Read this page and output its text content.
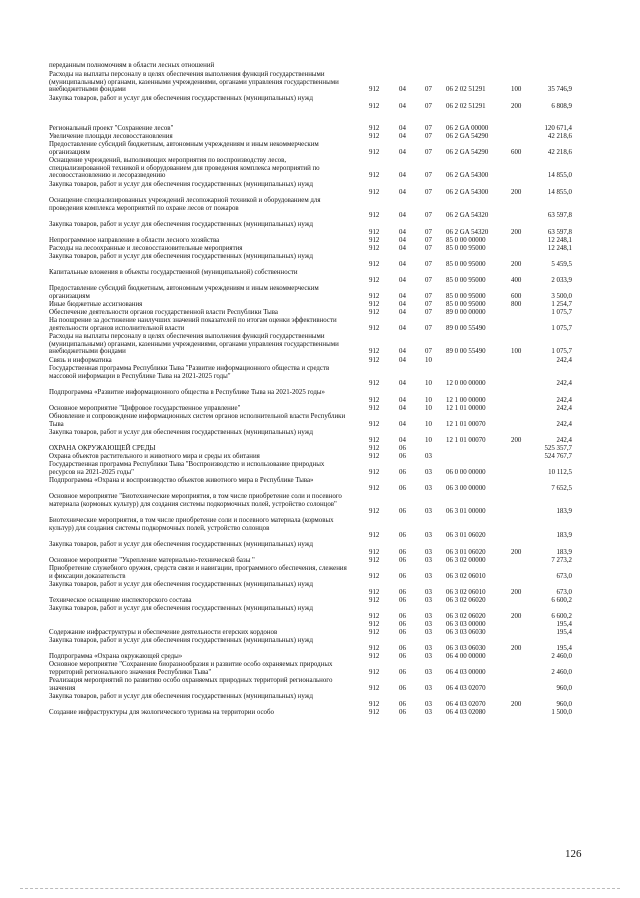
переданным полномочиям в области лесных отношений
Расходы на выплаты персоналу в целях обеспечения выполнения функций государственными (муниципальными) органами, казенными учреждениями, органами управления государственными внебюджетными фондами	912	04	07 06 2 02 51291	100	35 746,9
Закупка товаров, работ и услуг для обеспечения государственных (муниципальных) нужд
912	04	07 06 2 02 51291	200	6 808,9
Региональный проект "Сохранение лесов"	912	04	07 06 2 GA 00000	120 671,4
Увеличение площади лесовосстановления	912	04	07 06 2 GA 54290	42 218,6
Предоставление субсидий бюджетным, автономным учреждениям и иным некоммерческим организациям	912	04	07 06 2 GA 54290	600	42 218,6
Оснащение учреждений, выполняющих мероприятия по воспроизводству лесов, специализированной техникой и оборудованием для проведения комплекса мероприятий по лесовосстановлению и лесоразведению	912	04	07 06 2 GA 54300	14 855,0
Закупка товаров, работ и услуг для обеспечения государственных (муниципальных) нужд
912	04	07 06 2 GA 54300	200	14 855,0
Оснащение специализированных учреждений лесопожарной техникой и оборудованием для проведения комплекса мероприятий по охране лесов от пожаров
912	04	07 06 2 GA 54320	63 597,8
Закупка товаров, работ и услуг для обеспечения государственных (муниципальных) нужд
912	04	07 06 2 GA 54320	200	63 597,8
Непрограммное направление в области лесного хозяйства	912	04	07 85 0 00 00000	12 248,1
Расходы на лесоохранные и лесовосстановительные мероприятия	912	04	07 85 0 00 95000	12 248,1
Закупка товаров, работ и услуг для обеспечения государственных (муниципальных) нужд
912	04	07 85 0 00 95000	200	5 459,5
Капитальные вложения в объекты государственной (муниципальной) собственности
912	04	07 85 0 00 95000	400	2 033,9
Предоставление субсидий бюджетным, автономным учреждениям и иным некоммерческим организациям	912	04	07 85 0 00 95000	600	3 500,0
Иные бюджетные ассигнования	912	04	07 85 0 00 95000	800	1 254,7
Обеспечение деятельности органов государственной власти Республики Тыва	912	04	07 89 0 00 00000	1 075,7
На поощрение за достижение наилучших значений показателей по итогам оценки эффективности деятельности органов исполнительной власти	912	04	07 89 0 00 55490	1 075,7
Расходы на выплаты персоналу в целях обеспечения выполнения функций государственными (муниципальными) органами, казенными учреждениями, органами управления государственными внебюджетными фондами	912	04	07 89 0 00 55490	100	1 075,7
Связь и информатика	912	04	10	242,4
Государственная программа Республики Тыва "Развитие информационного общества и средств массовой информации в Республике Тыва на 2021-2025 годы"
912	04	10 12 0 00 00000	242,4
Подпрограмма «Развитие информационного общества в Республике Тыва на 2021-2025 годы»
912	04	10 12 1 00 00000	242,4
Основное мероприятие "Цифровое государственное управление"	912	04	10 12 1 01 00000	242,4
Обновление и сопровождение информационных систем органов исполнительной власти Республики Тыва	912	04	10 12 1 01 00070	242,4
Закупка товаров, работ и услуг для обеспечения государственных (муниципальных) нужд
912	04	10 12 1 01 00070	200	242,4
ОХРАНА ОКРУЖАЮЩЕЙ СРЕДЫ	912	06	525 357,7
Охрана объектов растительного и животного мира и среды их обитания	912	06	03	524 767,7
Государственная программа Республики Тыва "Воспроизводство и использование природных ресурсов на 2021-2025 годы"	912	06	03 06 0 00 00000	10 112,5
Подпрограмма «Охрана и воспроизводство объектов животного мира в Республике Тыва»
912	06	03 06 3 00 00000	7 652,5
Основное мероприятие "Биотехнические мероприятия, в том числе приобретение соли и посевного материала (кормовых культур) для создания системы подкормочных полей, устройство солонцов"
912	06	03 06 3 01 00000	183,9
Биотехнические мероприятия, в том числе приобретение соли и посевного материала (кормовых культур) для создания системы подкормочных полей, устройство солонцов
912	06	03 06 3 01 06020	183,9
Закупка товаров, работ и услуг для обеспечения государственных (муниципальных) нужд
912	06	03 06 3 01 06020	200	183,9
Основное мероприятие "Укрепление материально-технической базы "	912	06	03 06 3 02 00000	7 273,2
Приобретение служебного оружия, средств связи и навигации, программного обеспечения, слежения и фиксации доказательств	912	06	03 06 3 02 06010	673,0
Закупка товаров, работ и услуг для обеспечения государственных (муниципальных) нужд
912	06	03 06 3 02 06010	200	673,0
Техническое оснащение инспекторского состава	912	06	03 06 3 02 06020	6 600,2
Закупка товаров, работ и услуг для обеспечения государственных (муниципальных) нужд
912	06	03 06 3 02 06020	200	6 600,2
912	06	03 06 3 03 00000	195,4
Содержание инфраструктуры и обеспечение деятельности егерских кордонов	912	06	03 06 3 03 06030	195,4
Закупка товаров, работ и услуг для обеспечения государственных (муниципальных) нужд
912	06	03 06 3 03 06030	200	195,4
Подпрограмма «Охрана окружающей среды»	912	06	03 06 4 00 00000	2 460,0
Основное мероприятие "Сохранение биоразнообразия и развитие особо охраняемых природных территорий регионального значения Республики Тыва"	912	06	03 06 4 03 00000	2 460,0
Реализация мероприятий по развитию особо охраняемых природных территорий регионального значения	912	06	03 06 4 03 02070	960,0
Закупка товаров, работ и услуг для обеспечения государственных (муниципальных) нужд
912	06	03 06 4 03 02070	200	960,0
Создание инфраструктуры для экологического туризма на территории особо	912	06	03 06 4 03 02080	1 500,0
126
